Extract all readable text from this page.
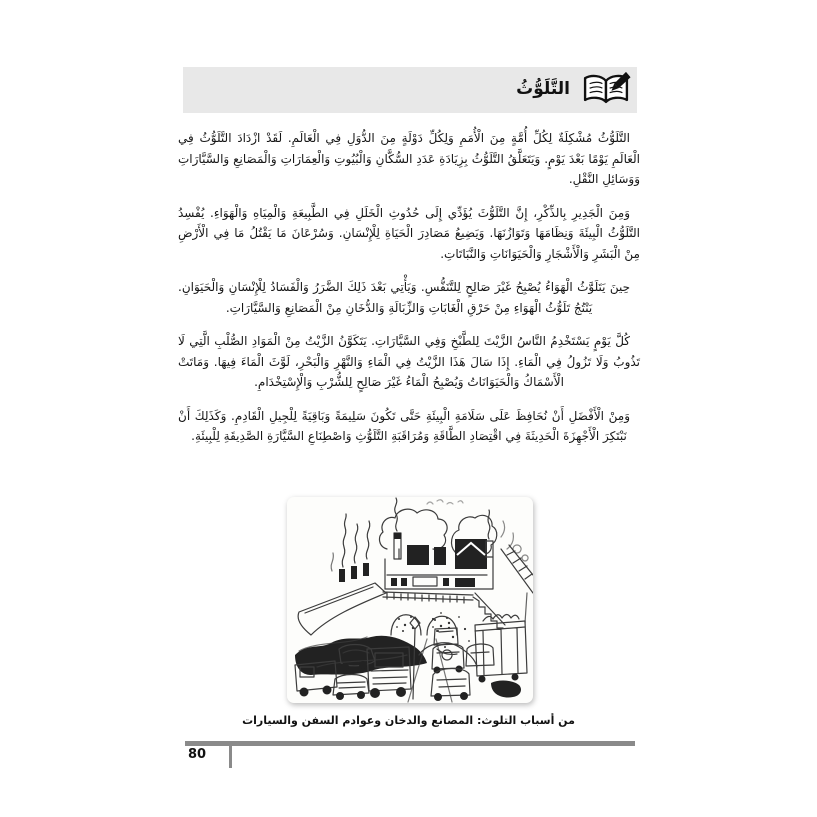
التَّلَوُّثُ

التَّلَوُّثُ مُشْكِلَةٌ لِكُلِّ أُمَّةٍ مِنَ الْأُمَمِ وَلِكُلِّ دَوْلَةٍ مِنَ الدُّوَلِ فِي الْعَالَمِ. لَقَدْ ازْدَادَ التَّلَوُّثُ فِي الْعَالَمِ يَوْمًا بَعْدَ يَوْمٍ. وَيَتَعَلَّقُ التَّلَوُّثُ بِزِيَادَةِ عَدَدِ السُّكَّانِ وَالْبُيُوتِ وَالْعِمَارَاتِ وَالْمَصَانِعِ وَالسَّيَّارَاتِ وَوَسَائِلِ النَّقْلِ.

وَمِنَ الْجَدِيرِ بِالذِّكْرِ، إِنَّ التَّلَوُّثَ يُؤَدِّي إِلَى حُدُوثِ الْخَلَلِ فِي الطَّبِيعَةِ وَالْمِيَاهِ وَالْهَوَاءِ. يُفْسِدُ التَّلَوُّثُ الْبِيئَةَ وَنِظَامَهَا وَتَوَازُنَهَا. وَيَضِيعُ مَصَادِرَ الْحَيَاةِ لِلْإِنْسَانِ. وَسُرْعَانَ مَا يَقْتُلُ مَا فِي الْأَرْضِ مِنْ الْبَشَرِ وَالْأَشْجَارِ وَالْحَيَوَانَاتِ وَالنَّبَاتَاتِ.

حِينَ يَتَلَوَّثُ الْهَوَاءُ يُصْبِحُ غَيْرَ صَالِحٍ لِلتَّنَفُّسِ. وَيَأْتِي بَعْدَ ذَلِكَ الضَّرَرُ وَالْفَسَادُ لِلْإِنْسَانِ وَالْحَيَوَانِ. يَنْتُجُ تَلَوُّثُ الْهَوَاءِ مِنْ حَرْقِ الْغَابَاتِ وَالزِّبَالَةِ وَالدُّخَانِ مِنْ الْمَصَانِعِ وَالسَّيَّارَاتِ.

كُلَّ يَوْمٍ يَسْتَخْدِمُ النَّاسُ الزَّيْتَ لِلطَّبْخِ وَفِي السَّيَّارَاتِ. يَتَكَوَّنُ الزَّيْتُ مِنْ الْمَوَادِ الصُّلْبِ الَّتِي لَا تَذُوبُ وَلَا تَزُولُ فِي الْمَاءِ. إِذَا سَالَ هَذَا الزَّيْتُ فِي الْمَاءِ وَالنَّهْرِ وَالْبَحْرِ، لَوَّثَ الْمَاءَ فِيهَا. وَمَاتَتْ الْأَسْمَاكُ وَالْحَيَوَانَاتُ وَيُصْبِحُ الْمَاءُ غَيْرَ صَالِحٍ لِلشُّرْبِ وَالْإِسْتِخْدَامِ.

وَمِنْ الْأَفْضَلِ أَنْ نُحَافِظَ عَلَى سَلَامَةِ الْبِيئَةِ حَتَّى تَكُونَ سَلِيمَةً وَبَاقِيَةً لِلْجِيلِ الْقَادِمِ. وَكَذَلِكَ أَنْ نَبْتَكِرَ الْأَجْهِزَةَ الْحَدِيثَةَ فِي اقْتِصَادِ الطَّاقَةِ وَمُرَاقَبَةِ التَّلَوُّثِ وَاصْطِنَاعِ السَّيَّارَةِ الصَّدِيقَةِ لِلْبِيئَةِ.

من أسباب التلوث: المصانع والدخان وعوادم السفن والسيارات
80
